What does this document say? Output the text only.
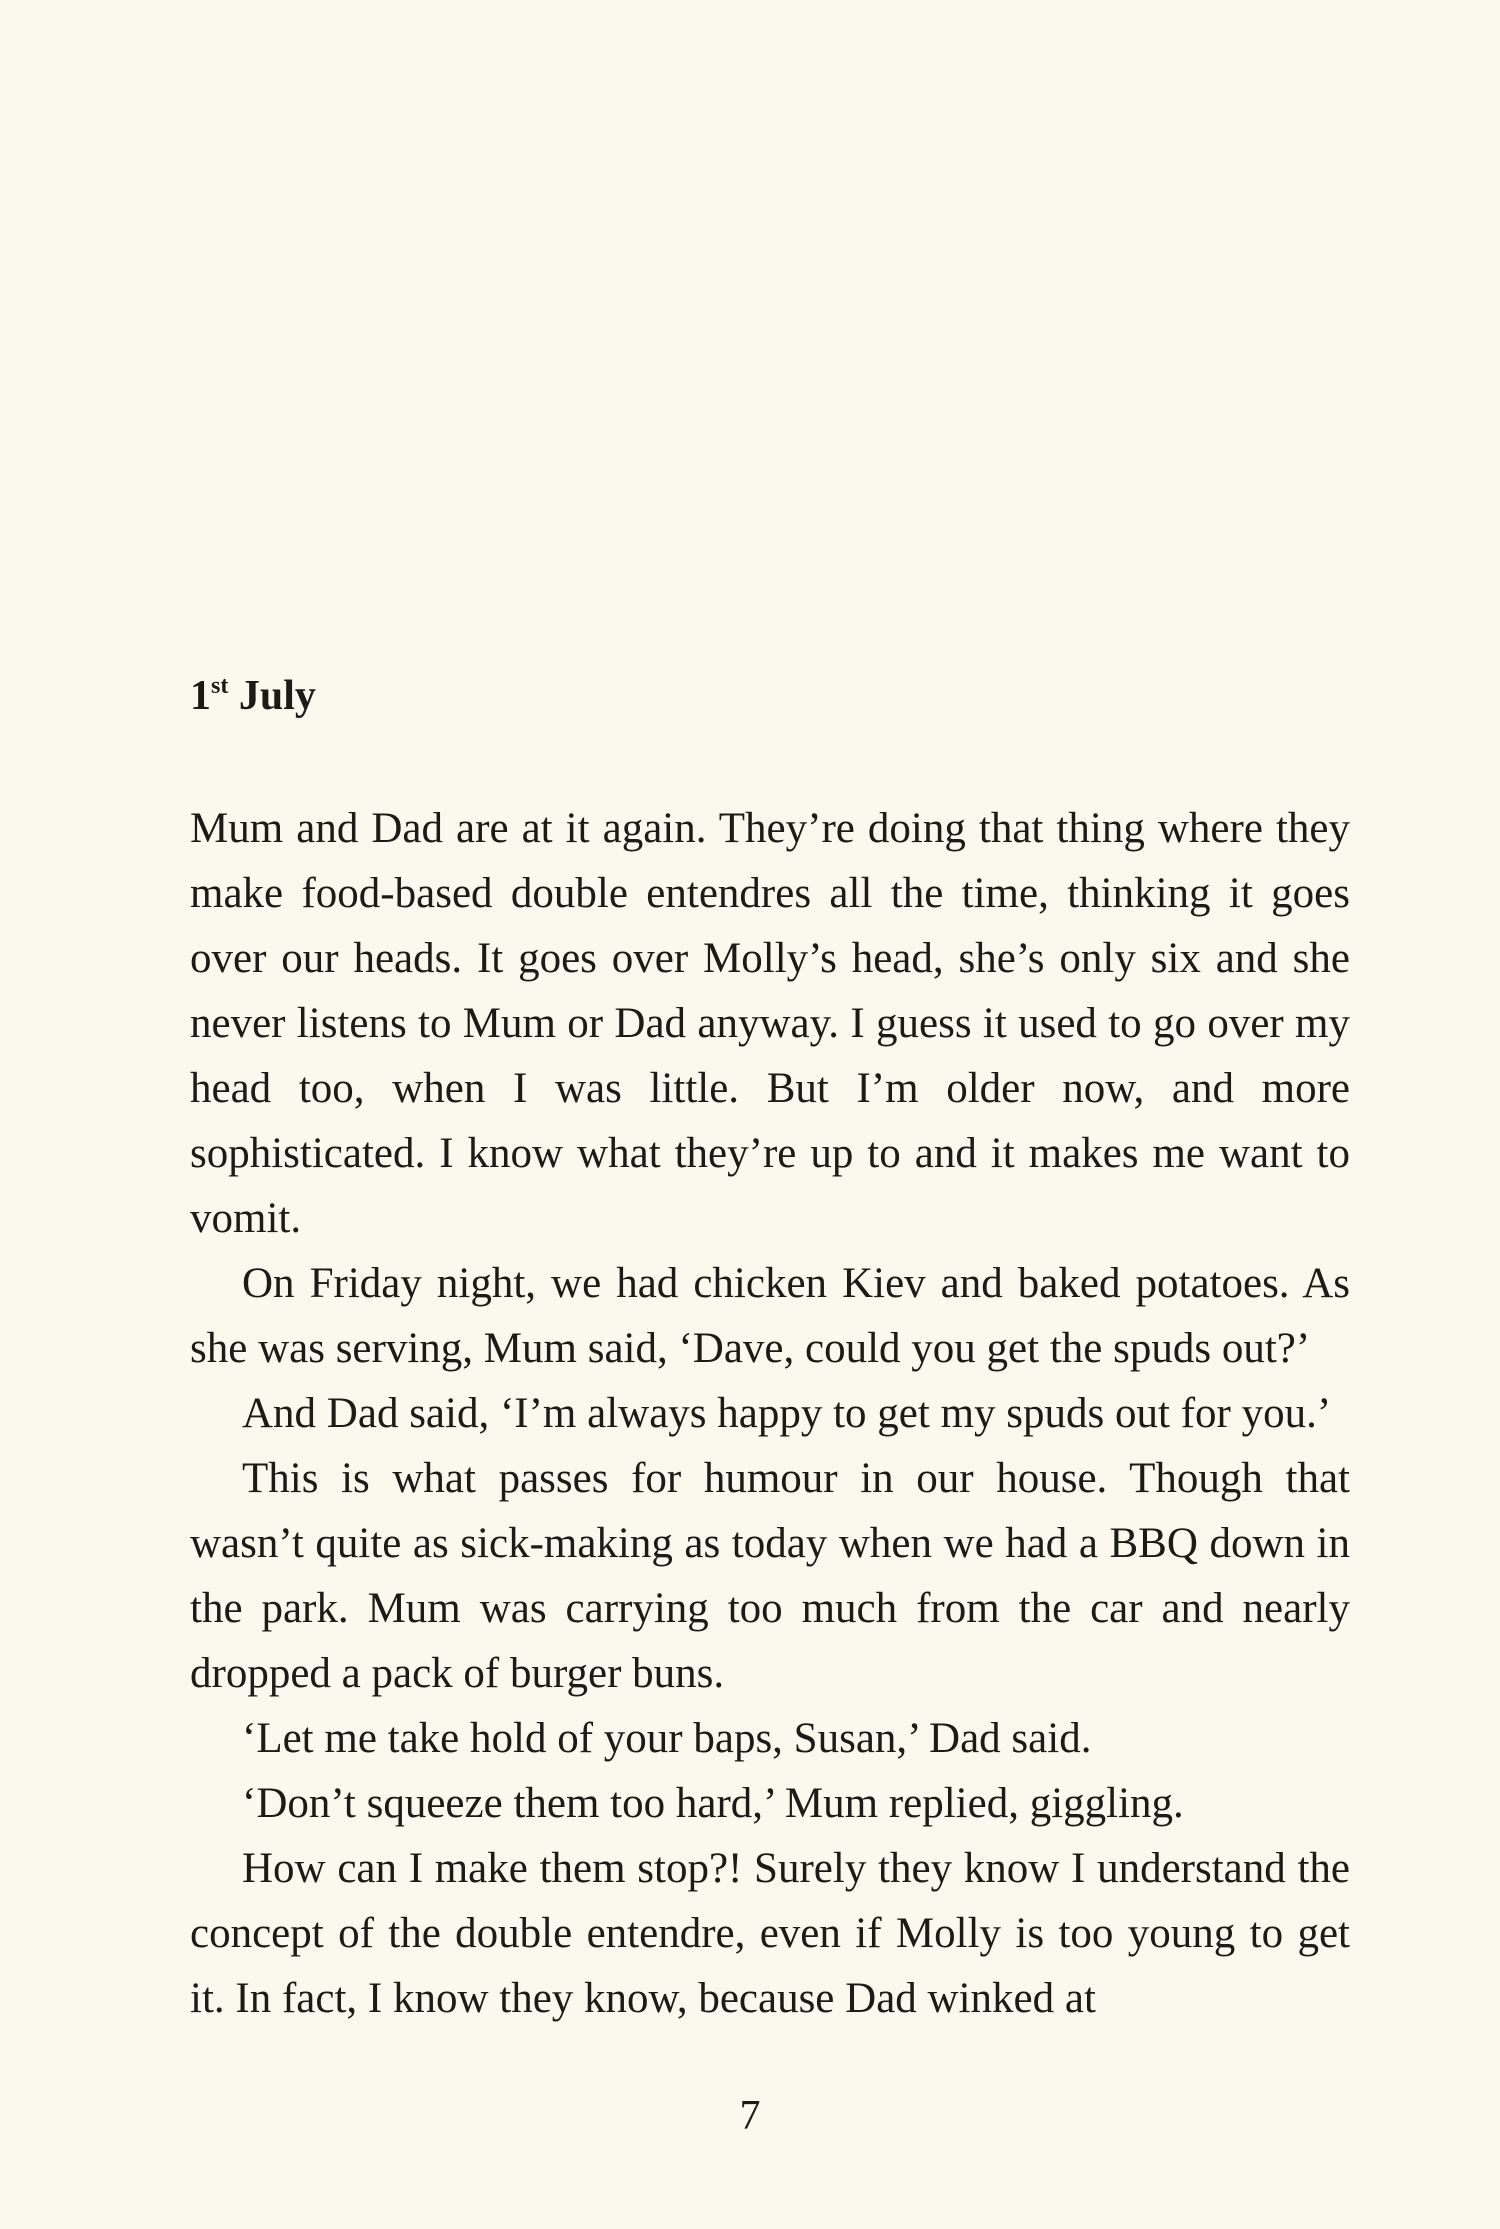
1st July

Mum and Dad are at it again. They’re doing that thing where they make food-based double entendres all the time, thinking it goes over our heads. It goes over Molly’s head, she’s only six and she never listens to Mum or Dad anyway. I guess it used to go over my head too, when I was little. But I’m older now, and more sophisticated. I know what they’re up to and it makes me want to vomit.

On Friday night, we had chicken Kiev and baked potatoes. As she was serving, Mum said, ‘Dave, could you get the spuds out?’

And Dad said, ‘I’m always happy to get my spuds out for you.’

This is what passes for humour in our house. Though that wasn’t quite as sick-making as today when we had a BBQ down in the park. Mum was carrying too much from the car and nearly dropped a pack of burger buns.

‘Let me take hold of your baps, Susan,’ Dad said.

‘Don’t squeeze them too hard,’ Mum replied, giggling.

How can I make them stop?! Surely they know I understand the concept of the double entendre, even if Molly is too young to get it. In fact, I know they know, because Dad winked at

7
